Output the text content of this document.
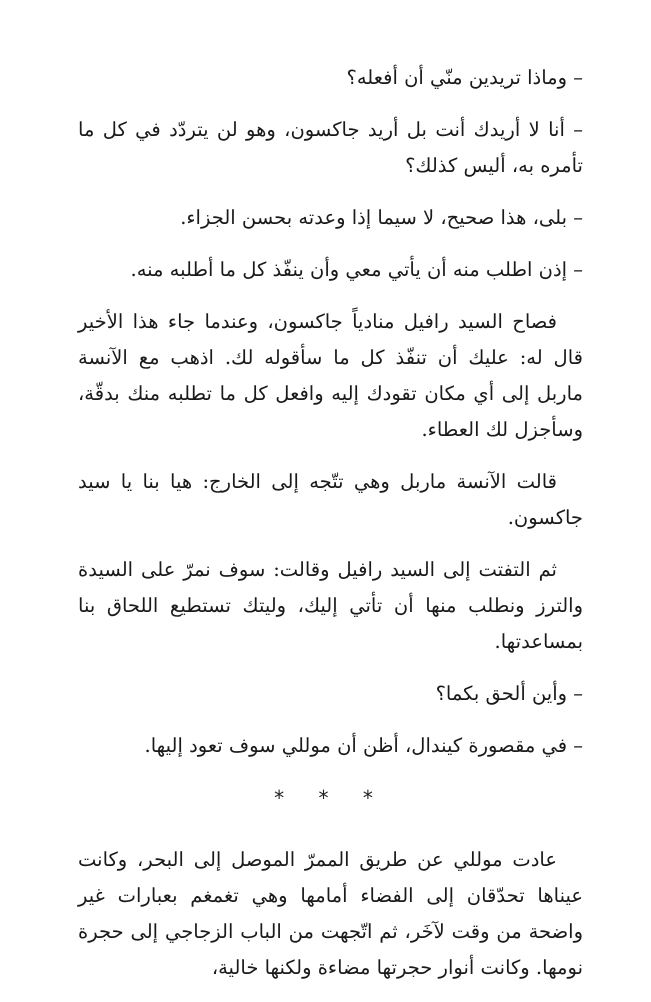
– وماذا تريدين منّي أن أفعله؟

– أنا لا أريدك أنت بل أريد جاكسون، وهو لن يتردّد في كل ما تأمره به، أليس كذلك؟

– بلى، هذا صحيح، لا سيما إذا وعدته بحسن الجزاء.

– إذن اطلب منه أن يأتي معي وأن ينفّذ كل ما أطلبه منه.

فصاح السيد رافيل منادياً جاكسون، وعندما جاء هذا الأخير قال له: عليك أن تنفّذ كل ما سأقوله لك. اذهب مع الآنسة ماربل إلى أي مكان تقودك إليه وافعل كل ما تطلبه منك بدقّة، وسأجزل لك العطاء.

قالت الآنسة ماربل وهي تتّجه إلى الخارج: هيا بنا يا سيد جاكسون.

ثم التفتت إلى السيد رافيل وقالت: سوف نمرّ على السيدة والترز ونطلب منها أن تأتي إليك، وليتك تستطيع اللحاق بنا بمساعدتها.

– وأين ألحق بكما؟

– في مقصورة كيندال، أظن أن موللي سوف تعود إليها.

* * *

عادت موللي عن طريق الممرّ الموصل إلى البحر، وكانت عيناها تحدّقان إلى الفضاء أمامها وهي تغمغم بعبارات غير واضحة من وقت لآخَر، ثم اتّجهت من الباب الزجاجي إلى حجرة نومها. وكانت أنوار حجرتها مضاءة ولكنها خالية،
